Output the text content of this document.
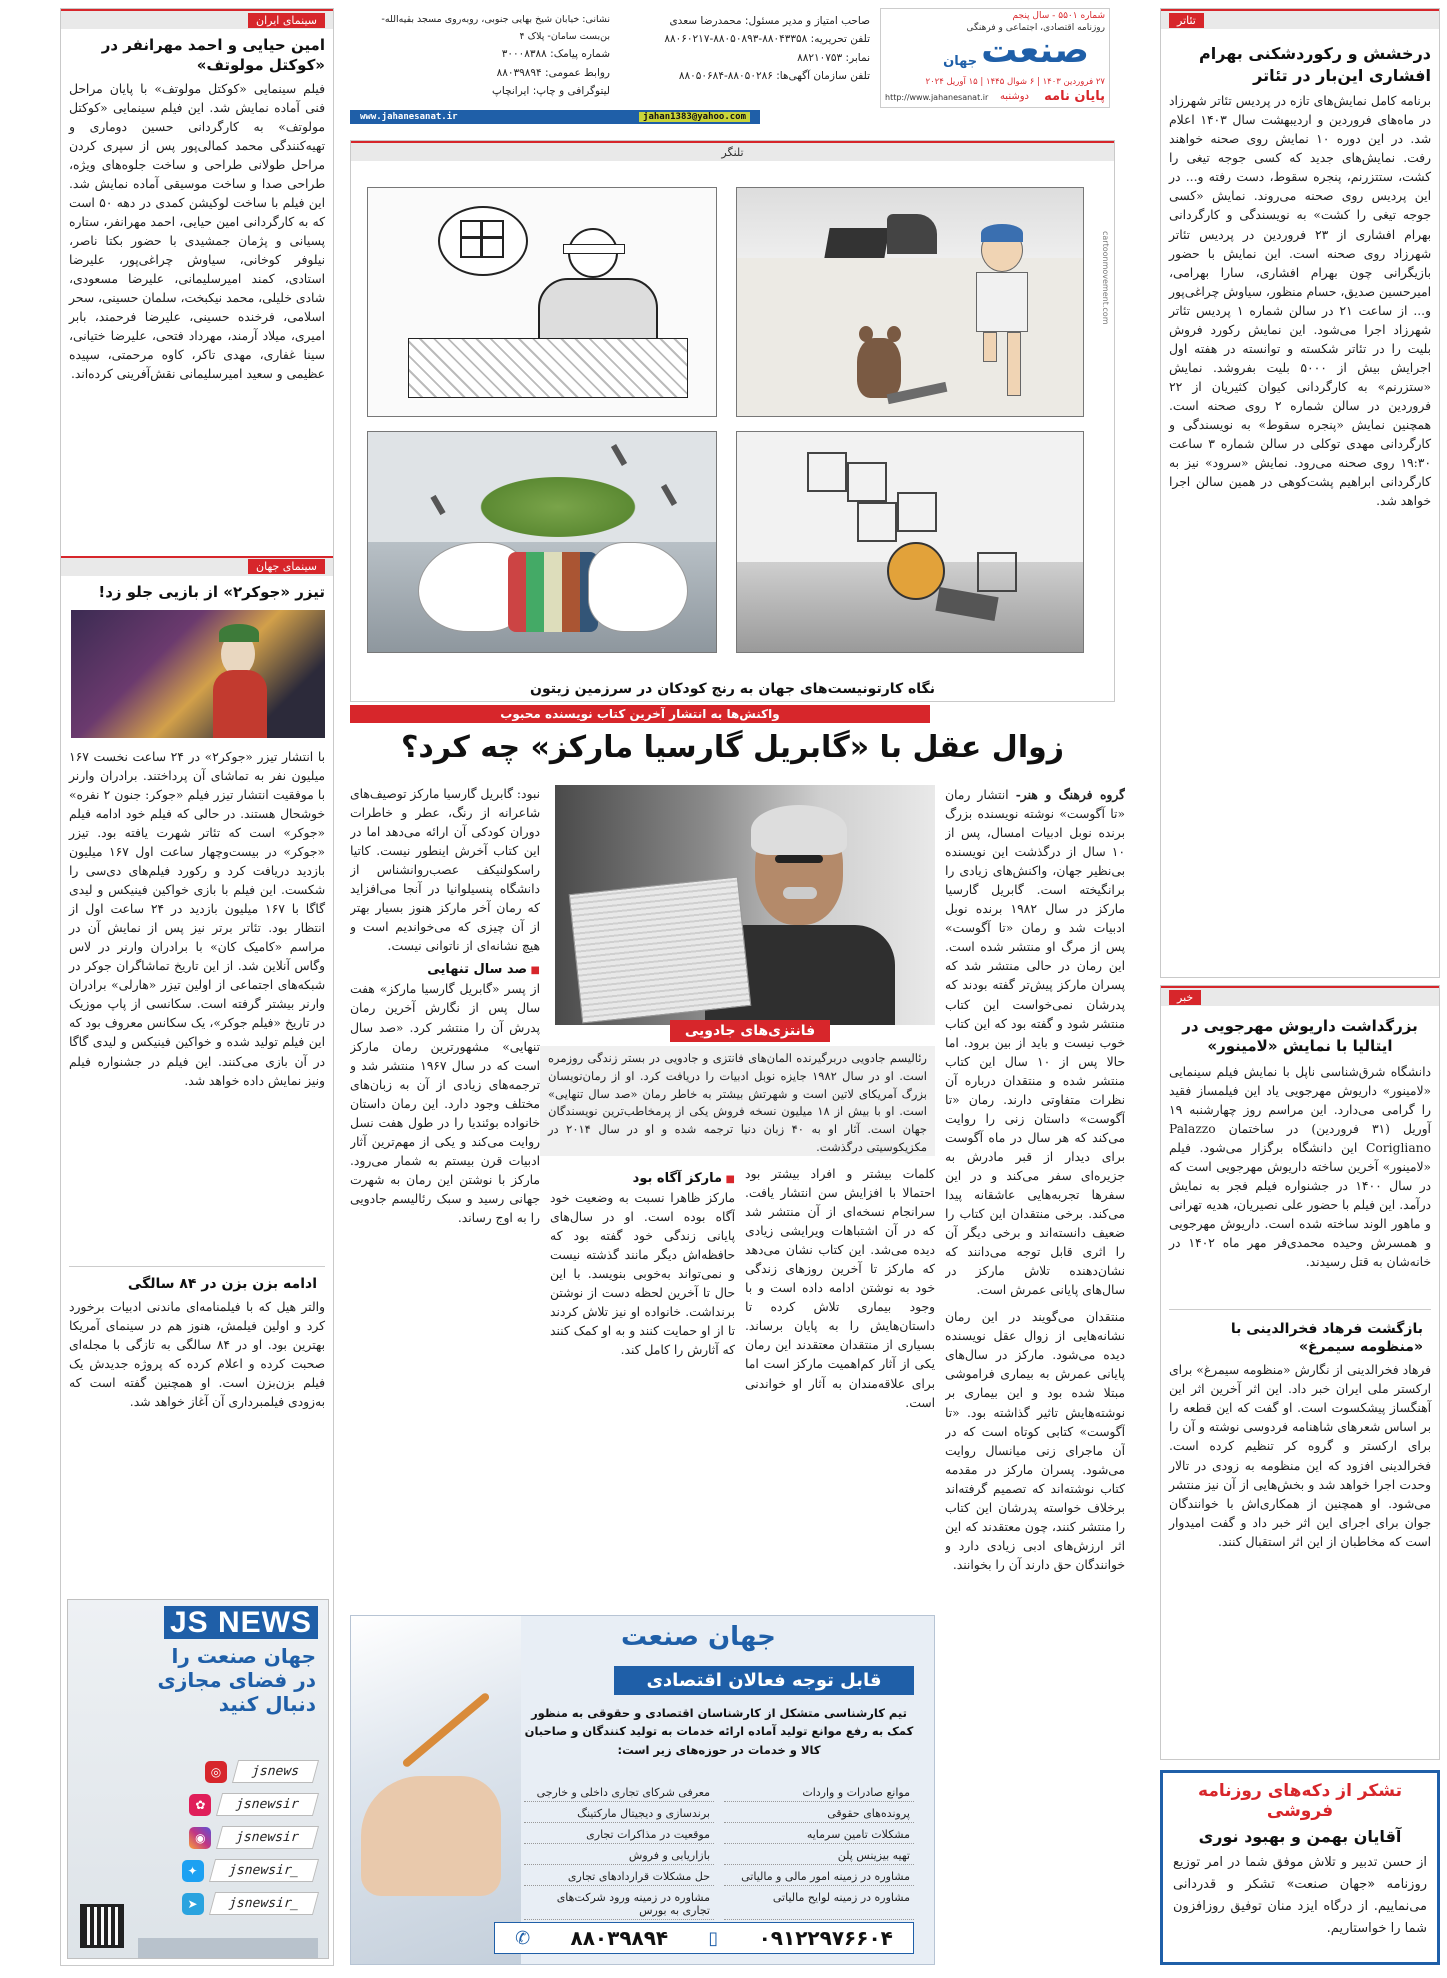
سینمای ایران
امین حیایی و احمد مهرانفر در «کوکتل مولوتف»
فیلم سینمایی «کوکتل مولوتف» با پایان مراحل فنی آماده نمایش شد. این فیلم سینمایی «کوکتل مولوتف» به کارگردانی حسین دوماری و تهیه‌کنندگی محمد کمالی‌پور پس از سپری کردن مراحل طولانی طراحی و ساخت جلوه‌های ویژه، طراحی صدا و ساخت موسیقی آماده نمایش شد. این فیلم با ساخت لوکیشن کمدی در دهه ۵۰ است که به کارگردانی امین حیایی، احمد مهرانفر، ستاره پسیانی و پژمان جمشیدی با حضور بکتا ناصر، نیلوفر کوخانی، سیاوش چراغی‌پور، علیرضا استادی، کمند امیرسلیمانی، علیرضا مسعودی، شادی خلیلی، محمد نیکبخت، سلمان حسینی، سحر اسلامی، فرخنده حسینی، علیرضا فرحمند، بابر امیری، میلاد آرمند، مهرداد فتحی، علیرضا ختیانی، سینا غفاری، مهدی تاکر، کاوه مرحمتی، سپیده عظیمی و سعید امیرسلیمانی نقش‌آفرینی کرده‌اند.
سینمای جهان
تیزر «جوکر۲» از بازیی جلو زد!
با انتشار تیزر «جوکر۲» در ۲۴ ساعت نخست ۱۶۷ میلیون نفر به تماشای آن پرداختند. برادران وارنر با موفقیت انتشار تیزر فیلم «جوکر: جنون ۲ نفره» خوشحال هستند. در حالی که فیلم خود ادامه فیلم «جوکر» است که تئاتر شهرت یافته بود. تیزر «جوکر» در بیست‌وچهار ساعت اول ۱۶۷ میلیون بازدید دریافت کرد و رکورد فیلم‌های دی‌سی را شکست. این فیلم با بازی خواکین فینیکس و لیدی گاگا با ۱۶۷ میلیون بازدید در ۲۴ ساعت اول از انتظار بود. تئاتر برتر نیز پس از نمایش آن در مراسم «کامیک کان» با برادران وارنر در لاس وگاس آنلاین شد. از این تاریخ تماشاگران جوکر در شبکه‌های اجتماعی از اولین تیزر «هارلی» برادران وارنر بیشتر گرفته است. سکانسی از پاپ موزیک در تاریخ «فیلم جوکر»، یک سکانس معروف بود که این فیلم تولید شده و خواکین فینیکس و لیدی گاگا در آن بازی می‌کنند. این فیلم در جشنواره فیلم ونیز نمایش داده خواهد شد.
ادامه بزن بزن در ۸۴ سالگی
والتر هیل که با فیلمنامه‌ای ماندنی ادبیات برخورد کرد و اولین فیلمش، هنوز هم در سینمای آمریکا بهترین بود. او در ۸۴ سالگی به تازگی با مجله‌ای صحبت کرده و اعلام کرده که پروژه جدیدش یک فیلم بزن‌بزن است. او همچنین گفته است که به‌زودی فیلمبرداری آن آغاز خواهد شد.
JS NEWS
جهان صنعت را
در فضای مجازی
دنبال کنید
◎	jsnews
✿	jsnewsir
◉	jsnewsir
✦	jsnewsir_
➤	jsnewsir_
شماره ۵۵۰۱ - سال پنجم
روزنامه اقتصادی، اجتماعی و فرهنگی
صنعت
جهان
۲۷ فروردین ۱۴۰۳ | ۶ شوال ۱۴۴۵ | ۱۵ آوریل ۲۰۲۴
پایان نامه
دوشنبه
http://www.jahanesanat.ir
صاحب امتیاز و مدیر مسئول: محمدرضا سعدی
تلفن تحریریه: ۸۸۰۴۳۳۵۸-۸۸۰۵۰۸۹۳-۸۸۰۶۰۲۱۷
نمابر: ۸۸۲۱۰۷۵۳
تلفن سازمان آگهی‌ها: ۸۸۰۵۰۲۸۶-۸۸۰۵۰۶۸۴
نشانی: خیابان شیخ بهایی جنوبی، روبه‌روی مسجد بقیه‌الله- بن‌بست سامان- پلاک ۴
شماره پیامک: ۳۰۰۰۸۳۸۸
روابط عمومی: ۸۸۰۳۹۸۹۴
لیتوگرافی و چاپ: ایرانچاپ
www.jahanesanat.ir	jahan1383@yahoo.com
تلنگر
cartoonmovement.com
نگاه کارتونیست‌های جهان به رنج کودکان در سرزمین زیتون
واکنش‌ها به انتشار آخرین کتاب نویسنده محبوب
زوال عقل با «گابریل گارسیا مارکز» چه کرد؟
فانتزی‌های جادویی
رئالیسم جادویی دربرگیرنده المان‌های فانتزی و جادویی در بستر زندگی روزمره است. او در سال ۱۹۸۲ جایزه نوبل ادبیات را دریافت کرد. او از رمان‌نویسان بزرگ آمریکای لاتین است و شهرتش بیشتر به خاطر رمان «صد سال تنهایی» است. او با بیش از ۱۸ میلیون نسخه فروش یکی از پرمخاطب‌ترین نویسندگان جهان است. آثار او به ۴۰ زبان دنیا ترجمه شده و او در سال ۲۰۱۴ در مکزیکوسیتی درگذشت.
گروه فرهنگ و هنر- انتشار رمان «تا آگوست» نوشته نویسنده بزرگ برنده نوبل ادبیات امسال، پس از ۱۰ سال از درگذشت این نویسنده بی‌نظیر جهان، واکنش‌های زیادی را برانگیخته است. گابریل گارسیا مارکز در سال ۱۹۸۲ برنده نوبل ادبیات شد و رمان «تا آگوست» پس از مرگ او منتشر شده است. این رمان در حالی منتشر شد که پسران مارکز پیش‌تر گفته بودند که پدرشان نمی‌خواست این کتاب منتشر شود و گفته بود که این کتاب خوب نیست و باید از بین برود. اما حالا پس از ۱۰ سال این کتاب منتشر شده و منتقدان درباره آن نظرات متفاوتی دارند. رمان «تا آگوست» داستان زنی را روایت می‌کند که هر سال در ماه آگوست برای دیدار از قبر مادرش به جزیره‌ای سفر می‌کند و در این سفرها تجربه‌هایی عاشقانه پیدا می‌کند. برخی منتقدان این کتاب را ضعیف دانسته‌اند و برخی دیگر آن را اثری قابل توجه می‌دانند که نشان‌دهنده تلاش مارکز در سال‌های پایانی عمرش است.
منتقدان می‌گویند در این رمان نشانه‌هایی از زوال عقل نویسنده دیده می‌شود. مارکز در سال‌های پایانی عمرش به بیماری فراموشی مبتلا شده بود و این بیماری بر نوشته‌هایش تاثیر گذاشته بود. «تا آگوست» کتابی کوتاه است که در آن ماجرای زنی میانسال روایت می‌شود. پسران مارکز در مقدمه کتاب نوشته‌اند که تصمیم گرفته‌اند برخلاف خواسته پدرشان این کتاب را منتشر کنند، چون معتقدند که این اثر ارزش‌های ادبی زیادی دارد و خوانندگان حق دارند آن را بخوانند.
نبود: گابریل گارسیا مارکز توصیف‌های شاعرانه از رنگ، عطر و خاطرات دوران کودکی آن ارائه می‌دهد اما در این کتاب آخرش اینطور نیست. کاتیا راسکولنیکف عصب‌روانشناس از دانشگاه پنسیلوانیا در آنجا می‌افزاید که رمان آخر مارکز هنوز بسیار بهتر از آن چیزی که می‌خواندیم است و هیچ نشانه‌ای از ناتوانی نیست.
■ صد سال تنهایی
از پسر «گابریل گارسیا مارکز» هفت سال پس از نگارش آخرین رمان پدرش آن را منتشر کرد. «صد سال تنهایی» مشهورترین رمان مارکز است که در سال ۱۹۶۷ منتشر شد و ترجمه‌های زیادی از آن به زبان‌های مختلف وجود دارد. این رمان داستان خانواده بوئندیا را در طول هفت نسل روایت می‌کند و یکی از مهم‌ترین آثار ادبیات قرن بیستم به شمار می‌رود. مارکز با نوشتن این رمان به شهرت جهانی رسید و سبک رئالیسم جادویی را به اوج رساند.
کلمات بیشتر و افراد بیشتر بود احتمالا با افزایش سن انتشار یافت. سرانجام نسخه‌ای از آن منتشر شد که در آن اشتباهات ویرایشی زیادی دیده می‌شد. این کتاب نشان می‌دهد که مارکز تا آخرین روزهای زندگی خود به نوشتن ادامه داده است و با وجود بیماری تلاش کرده تا داستان‌هایش را به پایان برساند. بسیاری از منتقدان معتقدند این رمان یکی از آثار کم‌اهمیت مارکز است اما برای علاقه‌مندان به آثار او خواندنی است.
■ مارکز آگاه بود
مارکز ظاهرا نسبت به وضعیت خود آگاه بوده است. او در سال‌های پایانی زندگی خود گفته بود که حافظه‌اش دیگر مانند گذشته نیست و نمی‌تواند به‌خوبی بنویسد. با این حال تا آخرین لحظه دست از نوشتن برنداشت. خانواده او نیز تلاش کردند تا از او حمایت کنند و به او کمک کنند که آثارش را کامل کند.
جهان صنعت
قابل توجه فعالان اقتصادی
تیم کارشناسی متشکل از کارشناسان اقتصادی و حقوقی به منظور کمک به رفع موانع تولید آماده ارائه خدمات به تولید کنندگان و صاحبان کالا و خدمات در حوزه‌های زیر است:
موانع صادرات و واردات
معرفی شرکای تجاری داخلی و خارجی
پرونده‌های حقوقی
برندسازی و دیجیتال مارکتینگ
مشکلات تامین سرمایه
موقعیت در مذاکرات تجاری
تهیه بیزینس پلن
بازاریابی و فروش
مشاوره در زمینه امور مالی و مالیاتی
حل مشکلات قراردادهای تجاری
مشاوره در زمینه لوایح مالیاتی
مشاوره در زمینه ورود شرکت‌های تجاری به بورس
✆ ۸۸۰۳۹۸۹۴ ▯ ۰۹۱۲۲۹۷۶۶۰۴
تئاتر
درخشش و رکوردشکنی بهرام افشاری این‌بار در تئاتر
برنامه کامل نمایش‌های تازه در پردیس تئاتر شهرزاد در ماه‌های فروردین و اردیبهشت سال ۱۴۰۳ اعلام شد. در این دوره ۱۰ نمایش روی صحنه خواهند رفت. نمایش‌های جدید که کسی جوجه تیغی را کشت، ستتزرنم، پنجره سقوط، دست رفته و... در این پردیس روی صحنه می‌روند. نمایش «کسی جوجه تیغی را کشت» به نویسندگی و کارگردانی بهرام افشاری از ۲۳ فروردین در پردیس تئاتر شهرزاد روی صحنه است. این نمایش با حضور بازیگرانی چون بهرام افشاری، سارا بهرامی، امیرحسین صدیق، حسام منظور، سیاوش چراغی‌پور و... از ساعت ۲۱ در سالن شماره ۱ پردیس تئاتر شهرزاد اجرا می‌شود. این نمایش رکورد فروش بلیت را در تئاتر شکسته و توانسته در هفته اول اجرایش بیش از ۵۰۰۰ بلیت بفروشد. نمایش «ستزرنم» به کارگردانی کیوان کثیریان از ۲۲ فروردین در سالن شماره ۲ روی صحنه است. همچنین نمایش «پنجره سقوط» به نویسندگی و کارگردانی مهدی توکلی در سالن شماره ۳ ساعت ۱۹:۳۰ روی صحنه می‌رود. نمایش «سرود» نیز به کارگردانی ابراهیم پشت‌کوهی در همین سالن اجرا خواهد شد.
خبر
بزرگداشت داریوش مهرجویی در ایتالیا با نمایش «لامینور»
دانشگاه شرق‌شناسی ناپل با نمایش فیلم سینمایی «لامینور» داریوش مهرجویی یاد این فیلمساز فقید را گرامی می‌دارد. این مراسم روز چهارشنبه ۱۹ آوریل (۳۱ فروردین) در ساختمان Palazzo Corigliano این دانشگاه برگزار می‌شود. فیلم «لامینور» آخرین ساخته داریوش مهرجویی است که در سال ۱۴۰۰ در جشنواره فیلم فجر به نمایش درآمد. این فیلم با حضور علی نصیریان، هدیه تهرانی و ماهور الوند ساخته شده است. داریوش مهرجویی و همسرش وحیده محمدی‌فر مهر ماه ۱۴۰۲ در خانه‌شان به قتل رسیدند.
بازگشت فرهاد فخرالدینی با «منظومه سیمرغ»
فرهاد فخرالدینی از نگارش «منظومه سیمرغ» برای ارکستر ملی ایران خبر داد. این اثر آخرین اثر این آهنگساز پیشکسوت است. او گفت که این قطعه را بر اساس شعرهای شاهنامه فردوسی نوشته و آن را برای ارکستر و گروه کر تنظیم کرده است. فخرالدینی افزود که این منظومه به زودی در تالار وحدت اجرا خواهد شد و بخش‌هایی از آن نیز منتشر می‌شود. او همچنین از همکاری‌اش با خوانندگان جوان برای اجرای این اثر خبر داد و گفت امیدوار است که مخاطبان از این اثر استقبال کنند.
تشکر از دکه‌های روزنامه فروشی
آقایان بهمن و بهبود نوری
از حسن تدبیر و تلاش موفق شما در امر توزیع روزنامه «جهان صنعت» تشکر و قدردانی می‌نماییم. از درگاه ایزد منان توفیق روزافزون شما را خواستاریم.
